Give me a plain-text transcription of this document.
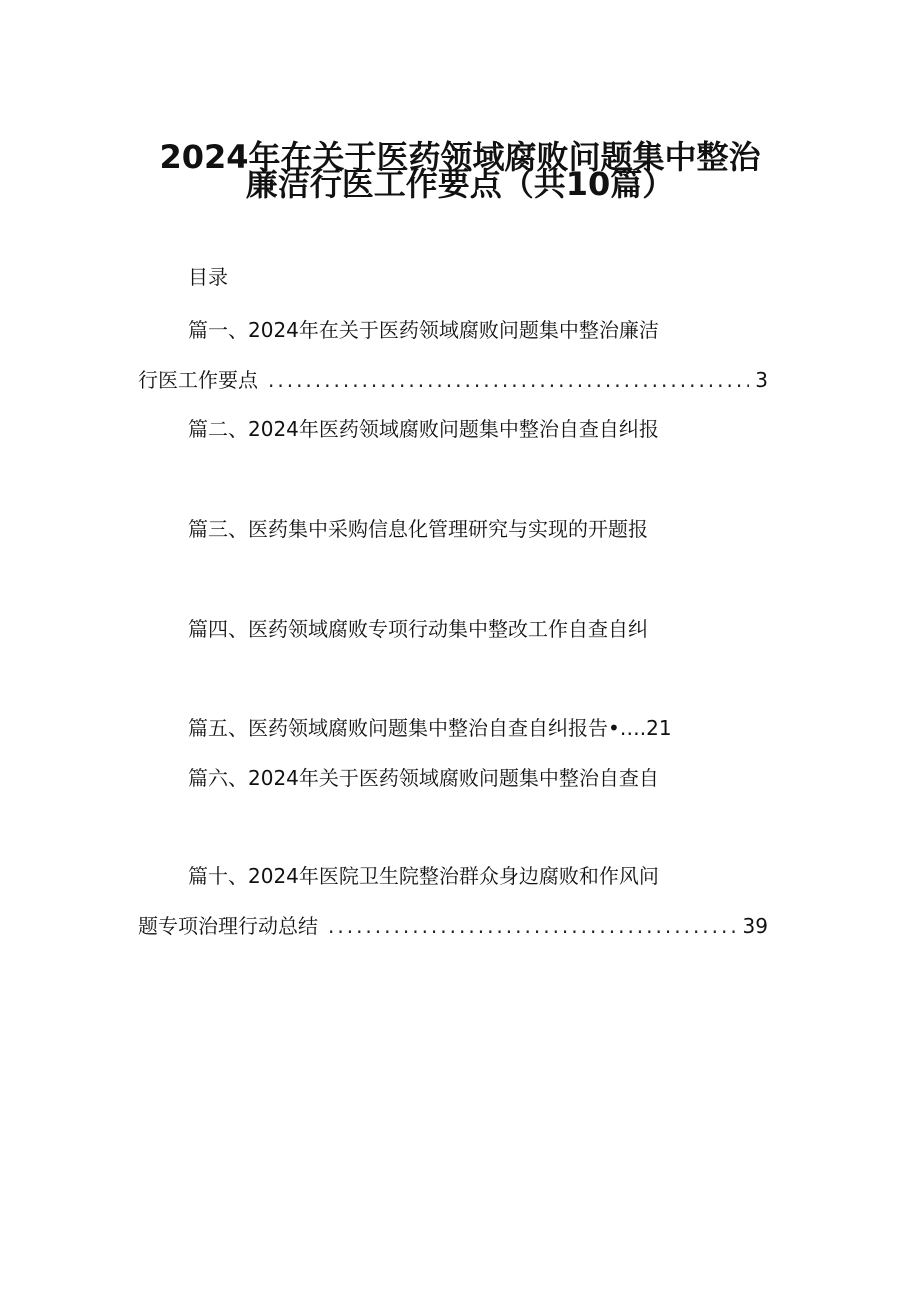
2024年在关于医药领域腐败问题集中整治
廉洁行医工作要点（共10篇）
目录
篇一、2024年在关于医药领域腐败问题集中整治廉洁
行医工作要点 .....	3
篇二、2024年医药领域腐败问题集中整治自查自纠报
篇三、医药集中采购信息化管理研究与实现的开题报
篇四、医药领域腐败专项行动集中整改工作自查自纠
篇五、医药领域腐败问题集中整治自查自纠报告•….21
篇六、2024年关于医药领域腐败问题集中整治自查自
篇十、2024年医院卫生院整治群众身边腐败和作风问
题专项治理行动总结 .....	39
